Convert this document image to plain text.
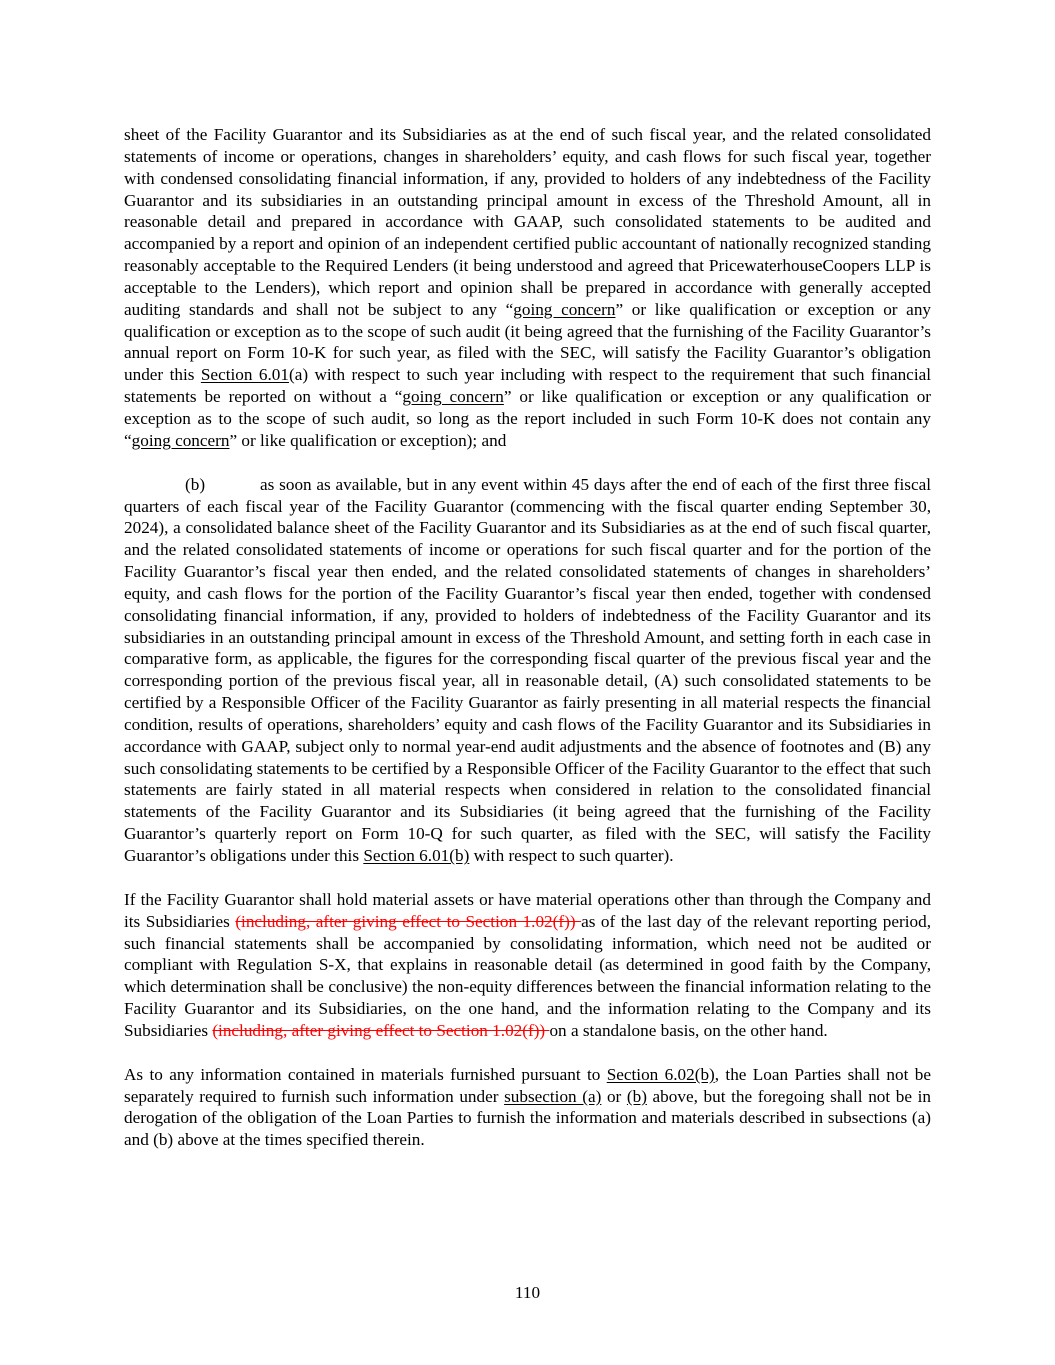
sheet of the Facility Guarantor and its Subsidiaries as at the end of such fiscal year, and the related consolidated statements of income or operations, changes in shareholders’ equity, and cash flows for such fiscal year, together with condensed consolidating financial information, if any, provided to holders of any indebtedness of the Facility Guarantor and its subsidiaries in an outstanding principal amount in excess of the Threshold Amount, all in reasonable detail and prepared in accordance with GAAP, such consolidated statements to be audited and accompanied by a report and opinion of an independent certified public accountant of nationally recognized standing reasonably acceptable to the Required Lenders (it being understood and agreed that PricewaterhouseCoopers LLP is acceptable to the Lenders), which report and opinion shall be prepared in accordance with generally accepted auditing standards and shall not be subject to any “going concern” or like qualification or exception or any qualification or exception as to the scope of such audit (it being agreed that the furnishing of the Facility Guarantor’s annual report on Form 10-K for such year, as filed with the SEC, will satisfy the Facility Guarantor’s obligation under this Section 6.01(a) with respect to such year including with respect to the requirement that such financial statements be reported on without a “going concern” or like qualification or exception or any qualification or exception as to the scope of such audit, so long as the report included in such Form 10-K does not contain any “going concern” or like qualification or exception); and

(b)	as soon as available, but in any event within 45 days after the end of each of the first three fiscal quarters of each fiscal year of the Facility Guarantor (commencing with the fiscal quarter ending September 30, 2024), a consolidated balance sheet of the Facility Guarantor and its Subsidiaries as at the end of such fiscal quarter, and the related consolidated statements of income or operations for such fiscal quarter and for the portion of the Facility Guarantor’s fiscal year then ended, and the related consolidated statements of changes in shareholders’ equity, and cash flows for the portion of the Facility Guarantor’s fiscal year then ended, together with condensed consolidating financial information, if any, provided to holders of indebtedness of the Facility Guarantor and its subsidiaries in an outstanding principal amount in excess of the Threshold Amount, and setting forth in each case in comparative form, as applicable, the figures for the corresponding fiscal quarter of the previous fiscal year and the corresponding portion of the previous fiscal year, all in reasonable detail, (A) such consolidated statements to be certified by a Responsible Officer of the Facility Guarantor as fairly presenting in all material respects the financial condition, results of operations, shareholders’ equity and cash flows of the Facility Guarantor and its Subsidiaries in accordance with GAAP, subject only to normal year-end audit adjustments and the absence of footnotes and (B) any such consolidating statements to be certified by a Responsible Officer of the Facility Guarantor to the effect that such statements are fairly stated in all material respects when considered in relation to the consolidated financial statements of the Facility Guarantor and its Subsidiaries (it being agreed that the furnishing of the Facility Guarantor’s quarterly report on Form 10-Q for such quarter, as filed with the SEC, will satisfy the Facility Guarantor’s obligations under this Section 6.01(b) with respect to such quarter).

If the Facility Guarantor shall hold material assets or have material operations other than through the Company and its Subsidiaries (including, after giving effect to Section 1.02(f)) as of the last day of the relevant reporting period, such financial statements shall be accompanied by consolidating information, which need not be audited or compliant with Regulation S-X, that explains in reasonable detail (as determined in good faith by the Company, which determination shall be conclusive) the non-equity differences between the financial information relating to the Facility Guarantor and its Subsidiaries, on the one hand, and the information relating to the Company and its Subsidiaries (including, after giving effect to Section 1.02(f)) on a standalone basis, on the other hand.

As to any information contained in materials furnished pursuant to Section 6.02(b), the Loan Parties shall not be separately required to furnish such information under subsection (a) or (b) above, but the foregoing shall not be in derogation of the obligation of the Loan Parties to furnish the information and materials described in subsections (a) and (b) above at the times specified therein.

110
